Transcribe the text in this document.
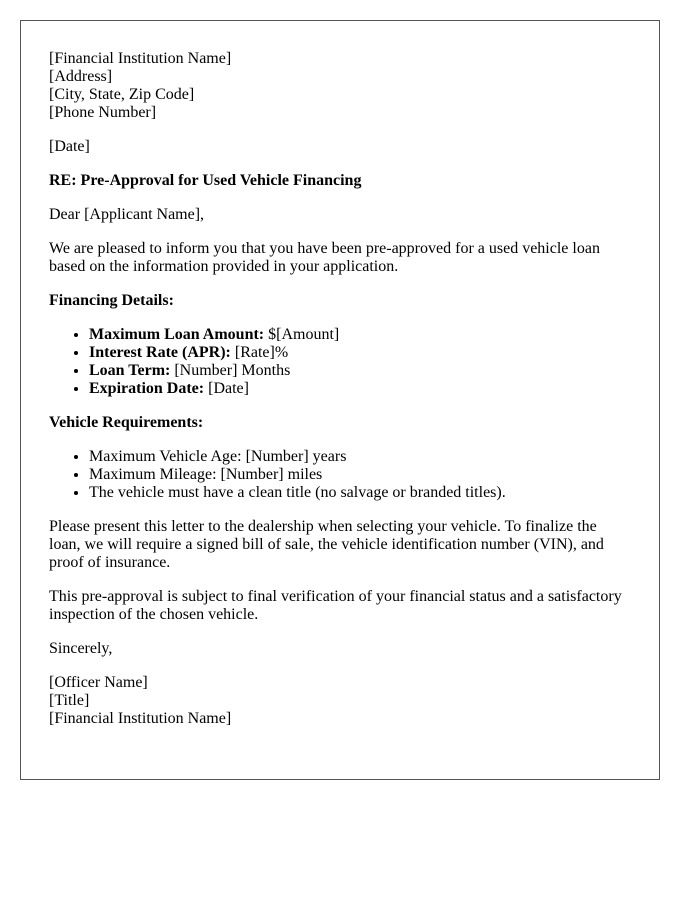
[Financial Institution Name]
[Address]
[City, State, Zip Code]
[Phone Number]

[Date]

RE: Pre-Approval for Used Vehicle Financing

Dear [Applicant Name],

We are pleased to inform you that you have been pre-approved for a used vehicle loan based on the information provided in your application.

Financing Details:

• Maximum Loan Amount: $[Amount]
• Interest Rate (APR): [Rate]%
• Loan Term: [Number] Months
• Expiration Date: [Date]

Vehicle Requirements:

• Maximum Vehicle Age: [Number] years
• Maximum Mileage: [Number] miles
• The vehicle must have a clean title (no salvage or branded titles).

Please present this letter to the dealership when selecting your vehicle. To finalize the loan, we will require a signed bill of sale, the vehicle identification number (VIN), and proof of insurance.

This pre-approval is subject to final verification of your financial status and a satisfactory inspection of the chosen vehicle.

Sincerely,

[Officer Name]
[Title]
[Financial Institution Name]
